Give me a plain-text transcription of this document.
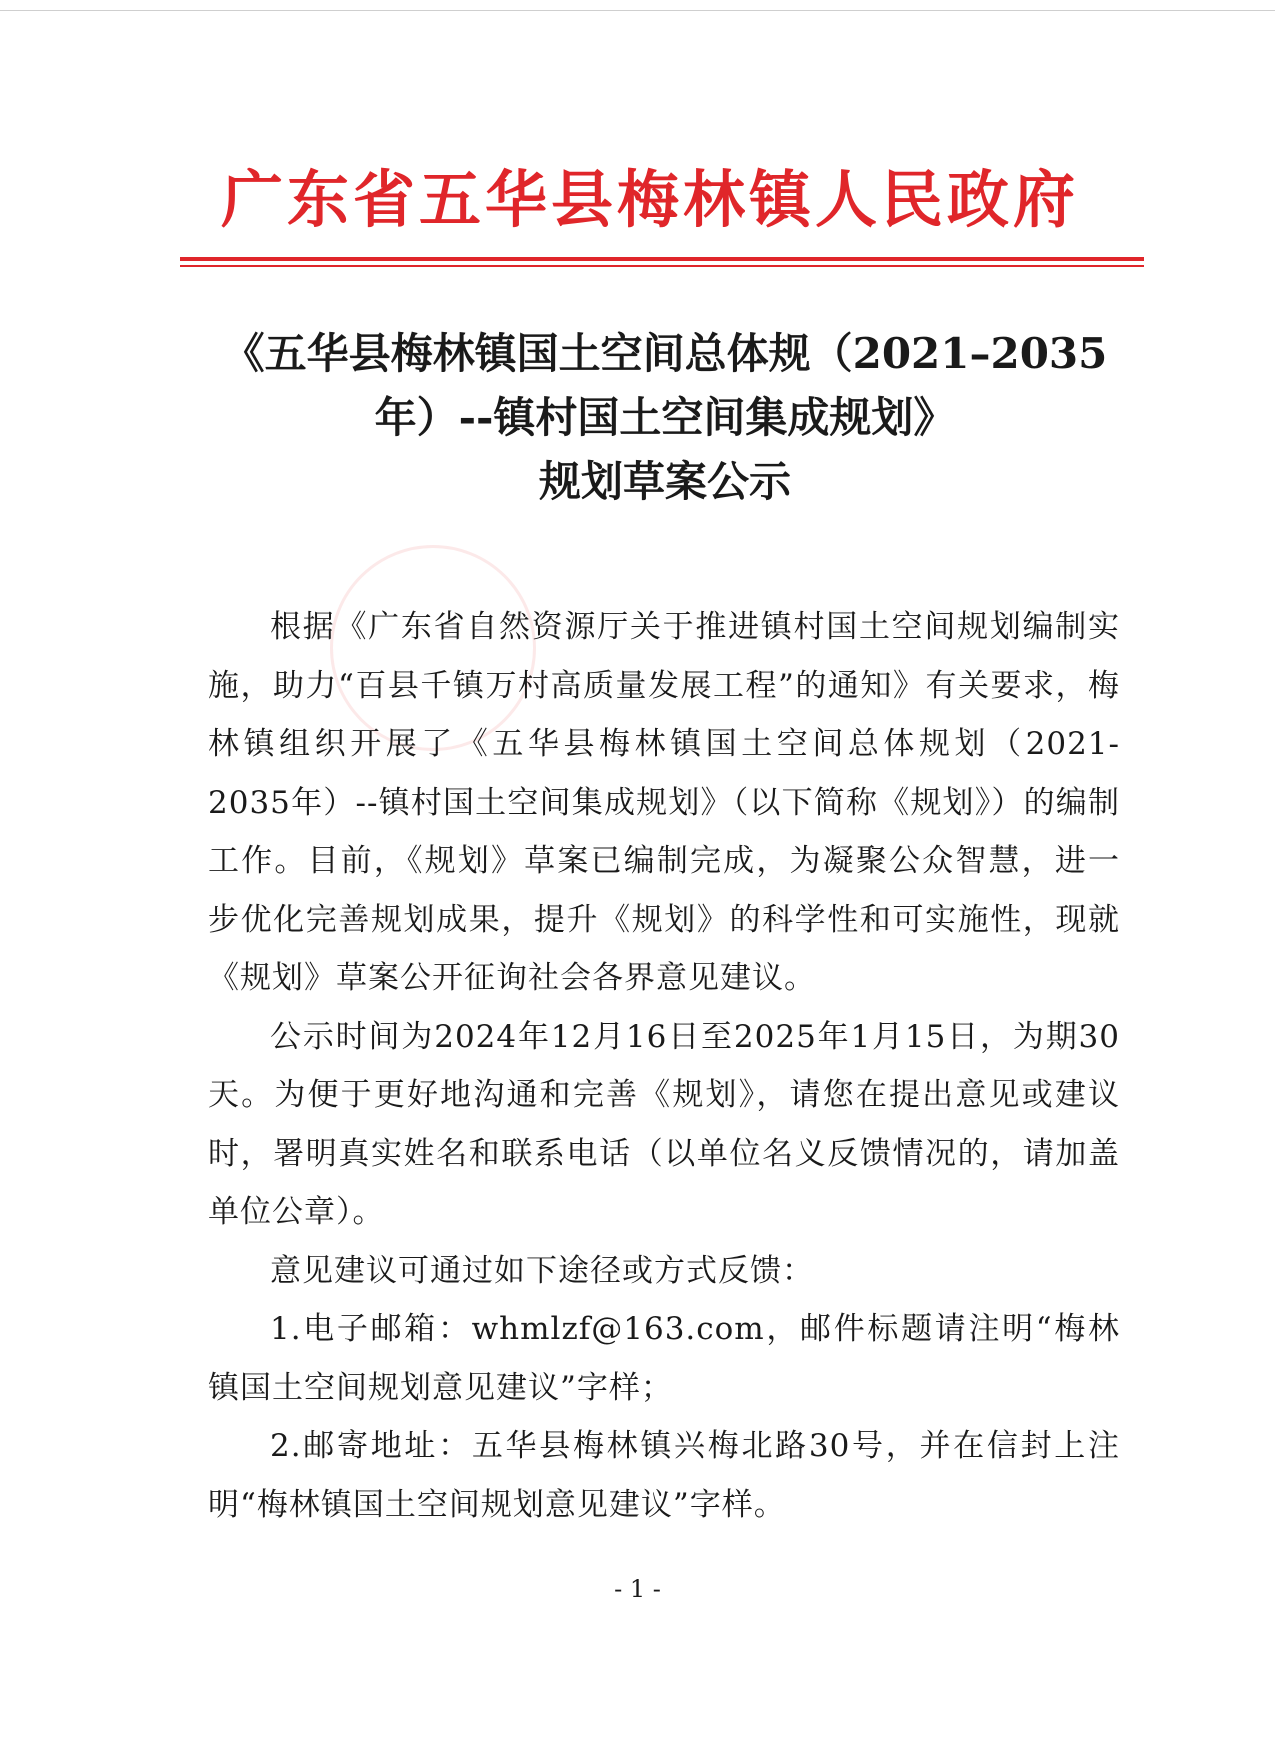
广东省五华县梅林镇人民政府
《五华县梅林镇国土空间总体规（2021–2035
年）--镇村国土空间集成规划》
规划草案公示

根据《广东省自然资源厅关于推进镇村国土空间规划编制实施，助力“百县千镇万村高质量发展工程”的通知》有关要求，梅林镇组织开展了《五华县梅林镇国土空间总体规划（2021-2035年）--镇村国土空间集成规划》（以下简称《规划》）的编制工作。目前，《规划》草案已编制完成，为凝聚公众智慧，进一步优化完善规划成果，提升《规划》的科学性和可实施性，现就《规划》草案公开征询社会各界意见建议。

公示时间为2024年12月16日至2025年1月15日，为期30天。为便于更好地沟通和完善《规划》，请您在提出意见或建议时，署明真实姓名和联系电话（以单位名义反馈情况的，请加盖单位公章）。

意见建议可通过如下途径或方式反馈：

1.电子邮箱：whmlzf@163.com，邮件标题请注明“梅林镇国土空间规划意见建议”字样；

2.邮寄地址：五华县梅林镇兴梅北路30号，并在信封上注明“梅林镇国土空间规划意见建议”字样。

- 1 -
